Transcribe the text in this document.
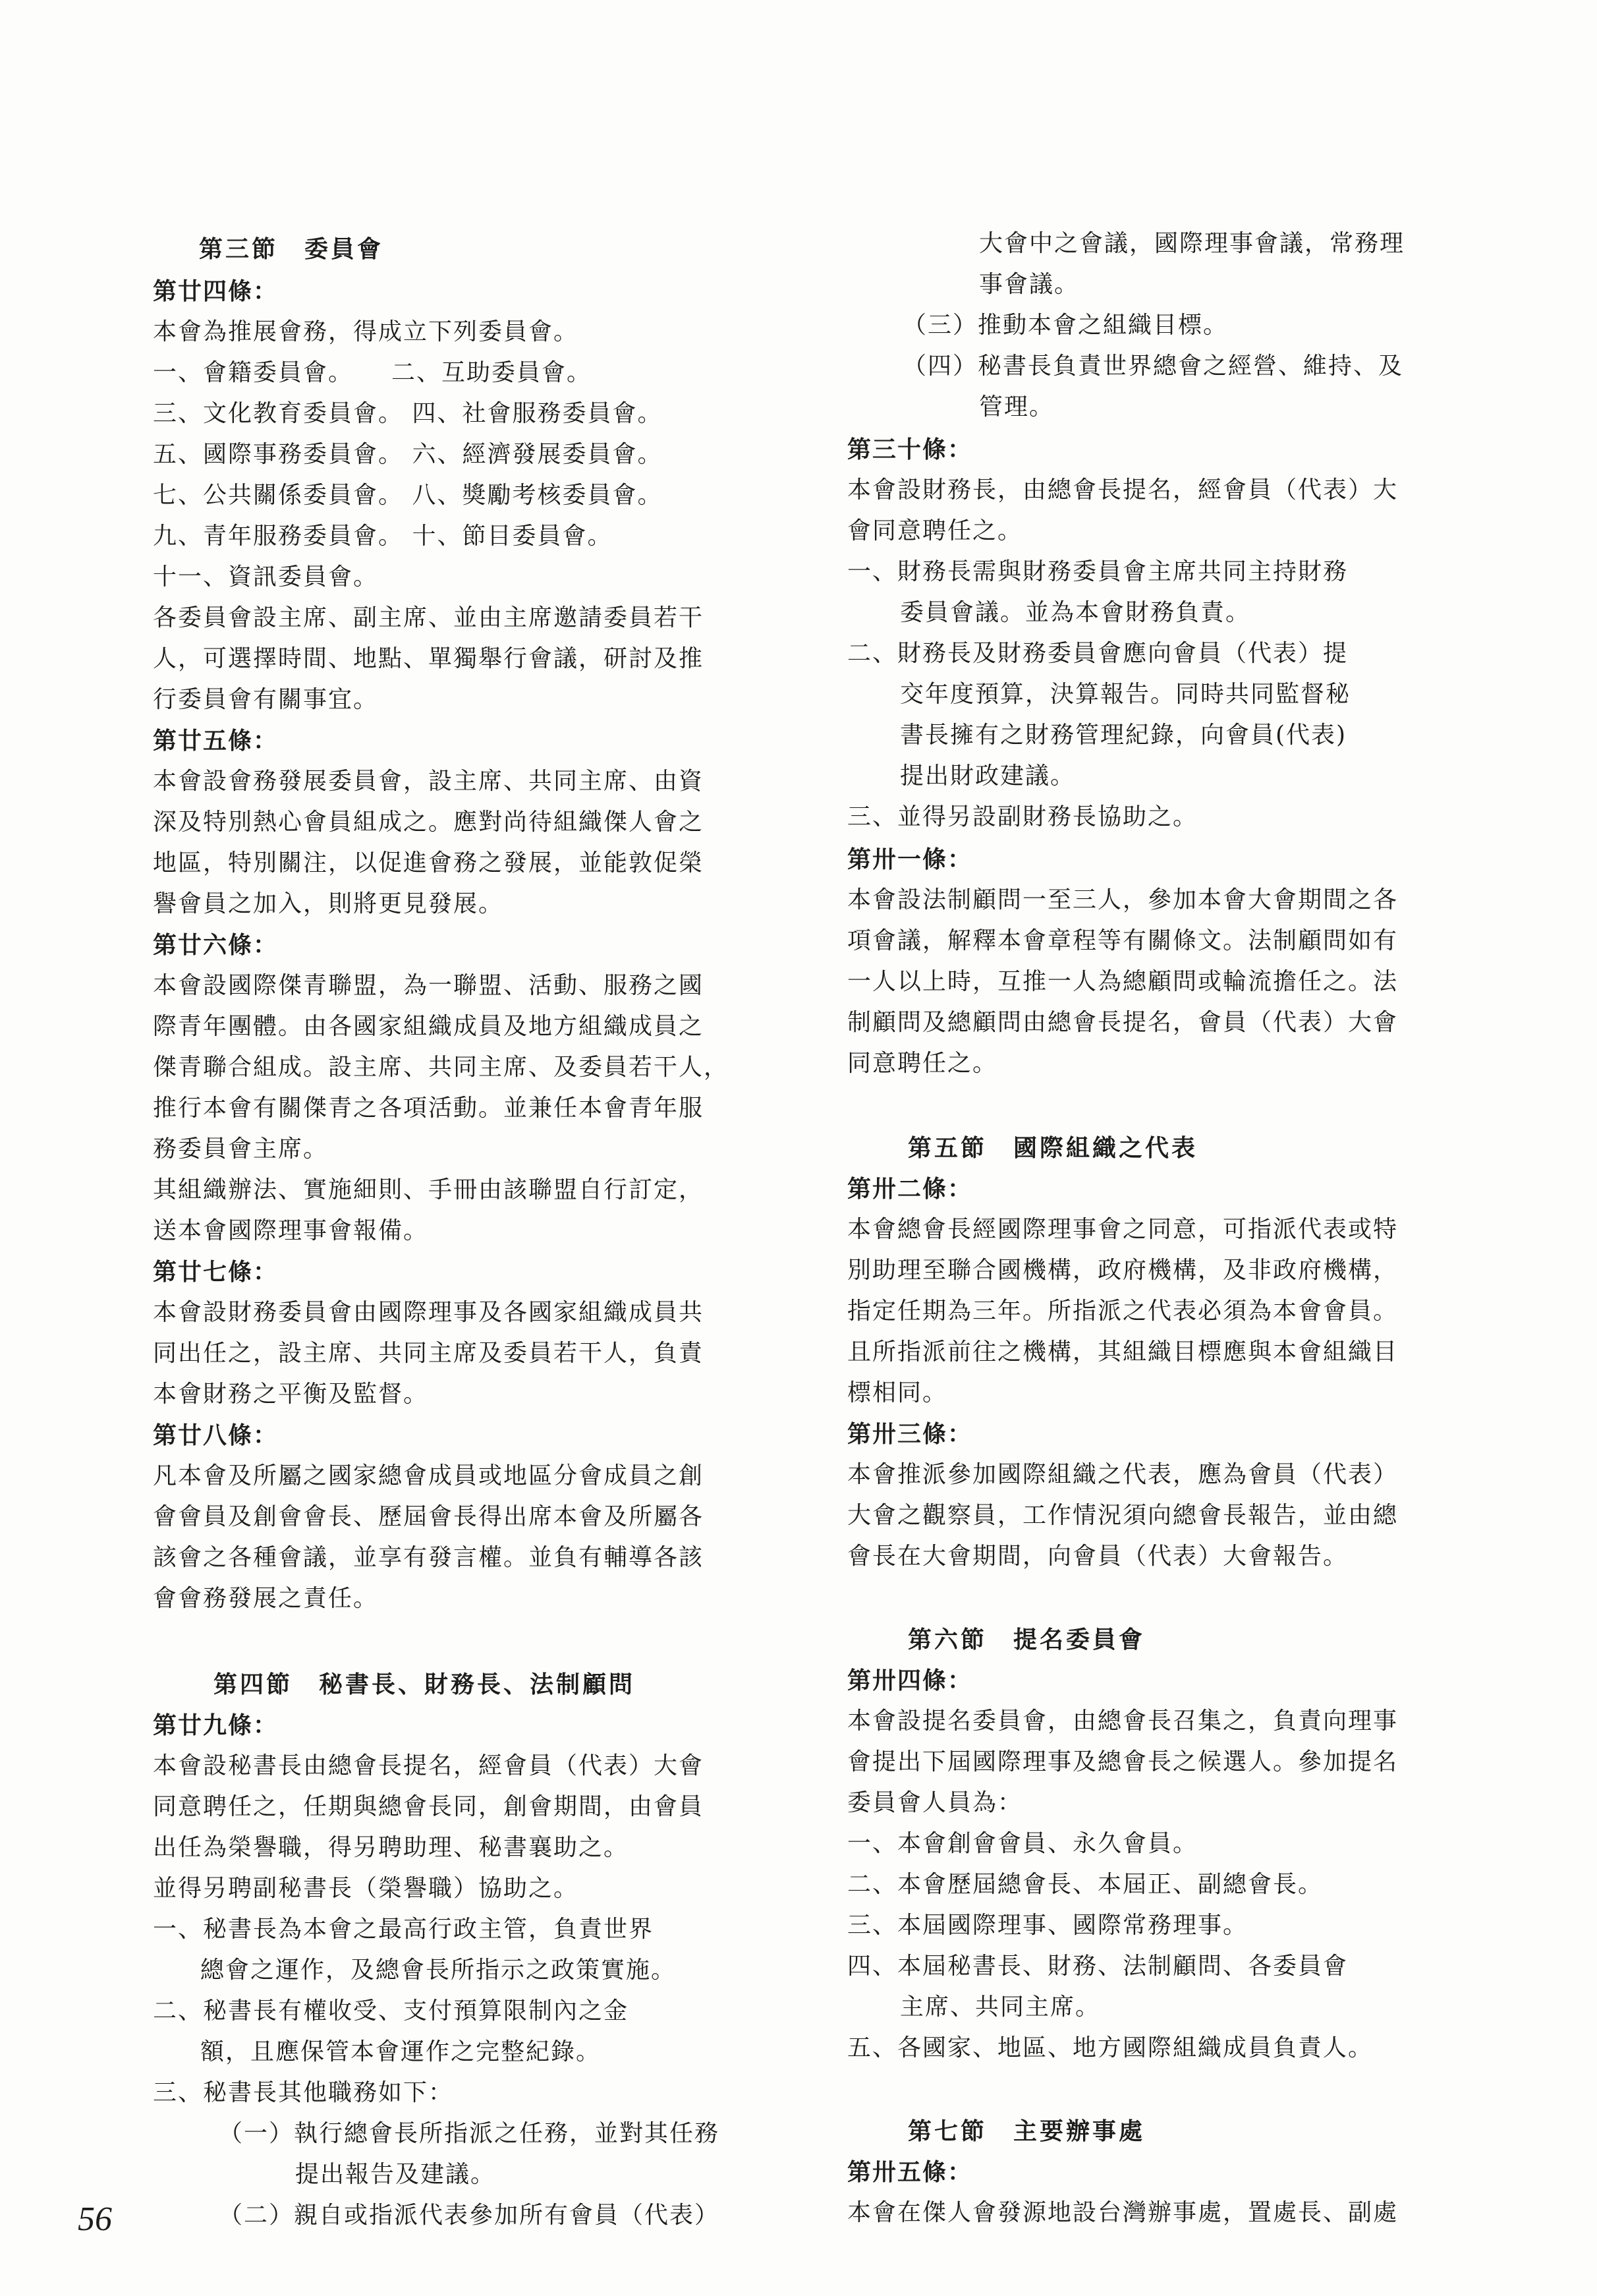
第三節　委員會
第廿四條：
本會為推展會務，得成立下列委員會。
一、會籍委員會。　　二、互助委員會。
三、文化教育委員會。 四、社會服務委員會。
五、國際事務委員會。 六、經濟發展委員會。
七、公共關係委員會。 八、獎勵考核委員會。
九、青年服務委員會。 十、節目委員會。
十一、資訊委員會。
各委員會設主席、副主席、並由主席邀請委員若干
人，可選擇時間、地點、單獨舉行會議，研討及推
行委員會有關事宜。
第廿五條：
本會設會務發展委員會，設主席、共同主席、由資
深及特別熱心會員組成之。應對尚待組織傑人會之
地區，特別關注，以促進會務之發展，並能敦促榮
譽會員之加入，則將更見發展。
第廿六條：
本會設國際傑青聯盟，為一聯盟、活動、服務之國
際青年團體。由各國家組織成員及地方組織成員之
傑青聯合組成。設主席、共同主席、及委員若干人，
推行本會有關傑青之各項活動。並兼任本會青年服
務委員會主席。
其組織辦法、實施細則、手冊由該聯盟自行訂定，
送本會國際理事會報備。
第廿七條：
本會設財務委員會由國際理事及各國家組織成員共
同出任之，設主席、共同主席及委員若干人，負責
本會財務之平衡及監督。
第廿八條：
凡本會及所屬之國家總會成員或地區分會成員之創
會會員及創會會長、歷屆會長得出席本會及所屬各
該會之各種會議，並享有發言權。並負有輔導各該
會會務發展之責任。
第四節　秘書長、財務長、法制顧問
第廿九條：
本會設秘書長由總會長提名，經會員（代表）大會
同意聘任之，任期與總會長同，創會期間，由會員
出任為榮譽職，得另聘助理、秘書襄助之。
並得另聘副秘書長（榮譽職）協助之。
一、秘書長為本會之最高行政主管，負責世界
總會之運作，及總會長所指示之政策實施。
二、秘書長有權收受、支付預算限制內之金
額，且應保管本會運作之完整紀錄。
三、秘書長其他職務如下：
（一）執行總會長所指派之任務，並對其任務
提出報告及建議。
（二）親自或指派代表參加所有會員（代表）
大會中之會議，國際理事會議，常務理
事會議。
（三）推動本會之組織目標。
（四）秘書長負責世界總會之經營、維持、及
管理。
第三十條：
本會設財務長，由總會長提名，經會員（代表）大
會同意聘任之。
一、財務長需與財務委員會主席共同主持財務
委員會議。並為本會財務負責。
二、財務長及財務委員會應向會員（代表）提
交年度預算，決算報告。同時共同監督秘
書長擁有之財務管理紀錄，向會員(代表)
提出財政建議。
三、並得另設副財務長協助之。
第卅一條：
本會設法制顧問一至三人，參加本會大會期間之各
項會議，解釋本會章程等有關條文。法制顧問如有
一人以上時，互推一人為總顧問或輪流擔任之。法
制顧問及總顧問由總會長提名，會員（代表）大會
同意聘任之。
第五節　國際組織之代表
第卅二條：
本會總會長經國際理事會之同意，可指派代表或特
別助理至聯合國機構，政府機構，及非政府機構，
指定任期為三年。所指派之代表必須為本會會員。
且所指派前往之機構，其組織目標應與本會組織目
標相同。
第卅三條：
本會推派參加國際組織之代表，應為會員（代表）
大會之觀察員，工作情況須向總會長報告，並由總
會長在大會期間，向會員（代表）大會報告。
第六節　提名委員會
第卅四條：
本會設提名委員會，由總會長召集之，負責向理事
會提出下屆國際理事及總會長之候選人。參加提名
委員會人員為：
一、本會創會會員、永久會員。
二、本會歷屆總會長、本屆正、副總會長。
三、本屆國際理事、國際常務理事。
四、本屆秘書長、財務、法制顧問、各委員會
主席、共同主席。
五、各國家、地區、地方國際組織成員負責人。
第七節　主要辦事處
第卅五條：
本會在傑人會發源地設台灣辦事處，置處長、副處
56
